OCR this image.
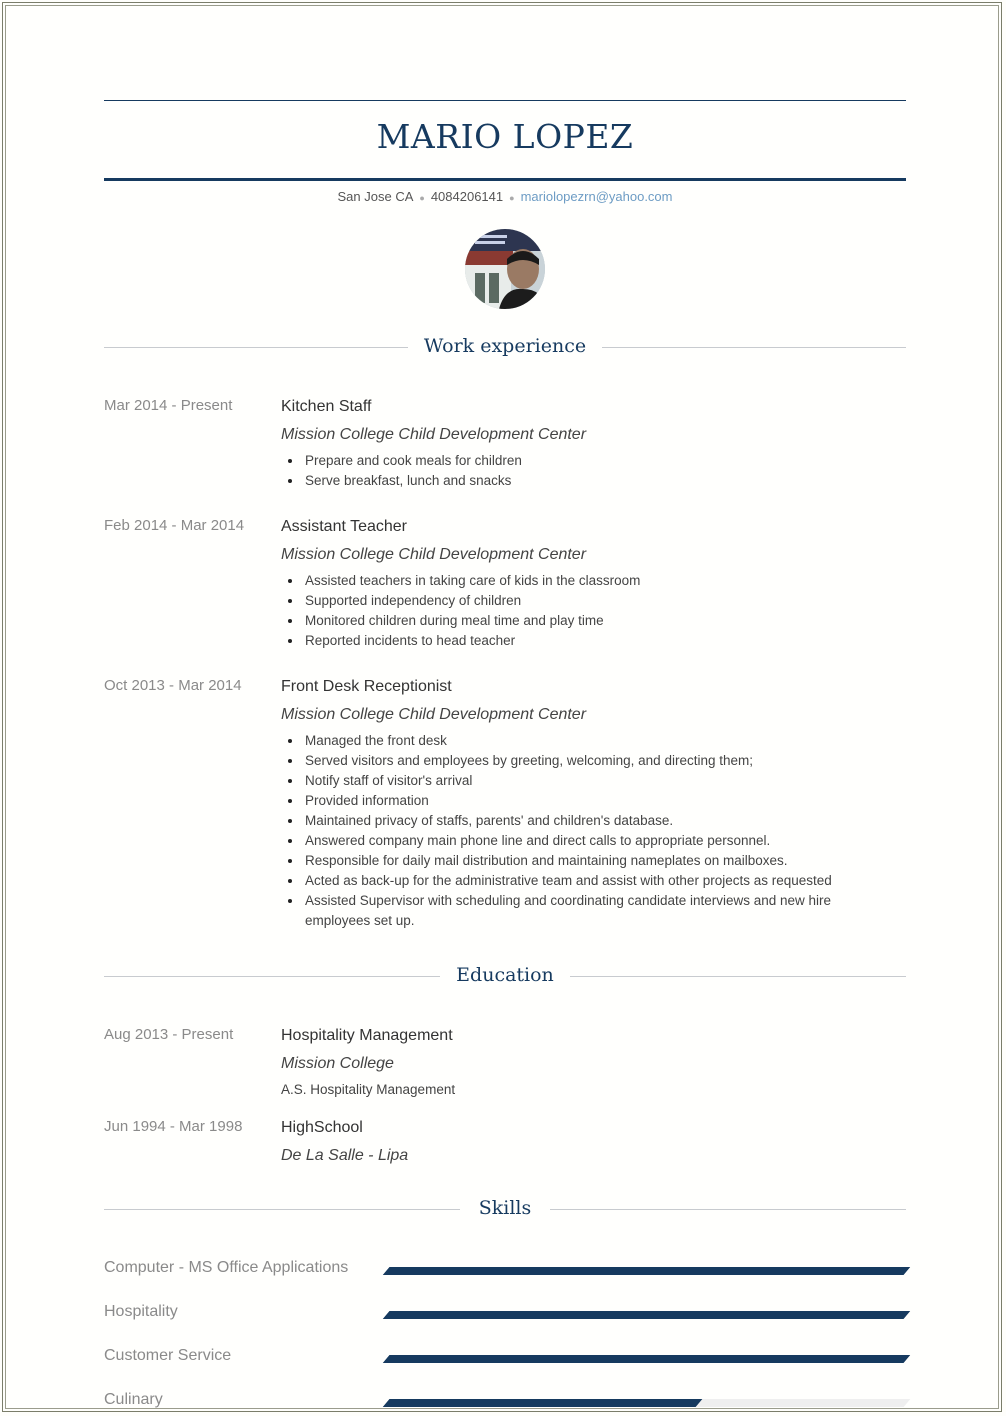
MARIO LOPEZ
San Jose CA ● 4084206141 ● mariolopezrn@yahoo.com
Work experience
Mar 2014 - Present	Kitchen Staff
Mission College Child Development Center
Prepare and cook meals for children
Serve breakfast, lunch and snacks
Feb 2014 - Mar 2014 Assistant Teacher
Mission College Child Development Center
Assisted teachers in taking care of kids in the classroom
Supported independency of children
Monitored children during meal time and play time
Reported incidents to head teacher
Oct 2013 - Mar 2014 Front Desk Receptionist
Mission College Child Development Center
Managed the front desk
Served visitors and employees by greeting, welcoming, and directing them;
Notify staff of visitor's arrival
Provided information
Maintained privacy of staffs, parents' and children's database.
Answered company main phone line and direct calls to appropriate personnel.
Responsible for daily mail distribution and maintaining nameplates on mailboxes.
Acted as back-up for the administrative team and assist with other projects as requested
Assisted Supervisor with scheduling and coordinating candidate interviews and new hire employees set up.
Education
Aug 2013 - Present	Hospitality Management
Mission College
A.S. Hospitality Management
Jun 1994 - Mar 1998 HighSchool
De La Salle - Lipa
Skills
Computer - MS Office Applications
Hospitality
Customer Service
Culinary
